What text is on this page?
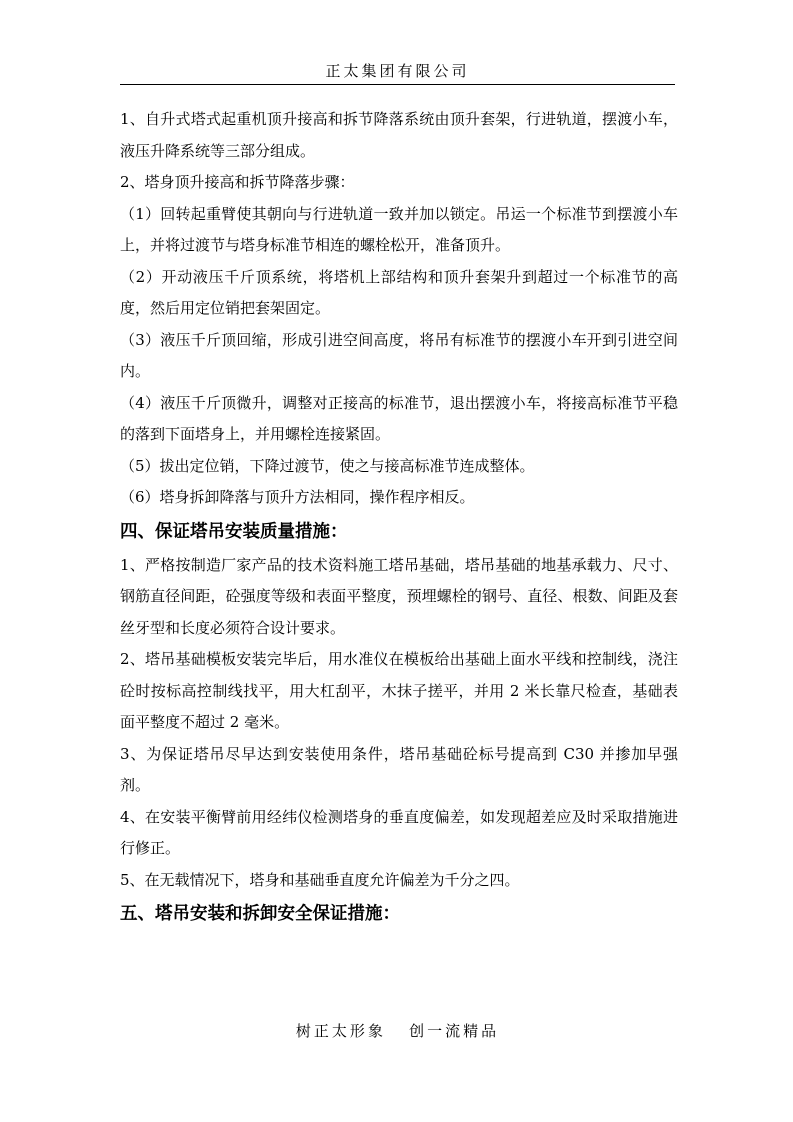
正太集团有限公司

1、自升式塔式起重机顶升接高和拆节降落系统由顶升套架，行进轨道，摆渡小车，液压升降系统等三部分组成。

2、塔身顶升接高和拆节降落步骤：

（1）回转起重臂使其朝向与行进轨道一致并加以锁定。吊运一个标准节到摆渡小车上，并将过渡节与塔身标准节相连的螺栓松开，准备顶升。

（2）开动液压千斤顶系统，将塔机上部结构和顶升套架升到超过一个标准节的高度，然后用定位销把套架固定。

（3）液压千斤顶回缩，形成引进空间高度，将吊有标准节的摆渡小车开到引进空间内。

（4）液压千斤顶微升，调整对正接高的标准节，退出摆渡小车，将接高标准节平稳的落到下面塔身上，并用螺栓连接紧固。

（5）拔出定位销，下降过渡节，使之与接高标准节连成整体。

（6）塔身拆卸降落与顶升方法相同，操作程序相反。

四、保证塔吊安装质量措施：

1、严格按制造厂家产品的技术资料施工塔吊基础，塔吊基础的地基承载力、尺寸、钢筋直径间距，砼强度等级和表面平整度，预埋螺栓的钢号、直径、根数、间距及套丝牙型和长度必须符合设计要求。

2、塔吊基础模板安装完毕后，用水准仪在模板给出基础上面水平线和控制线，浇注砼时按标高控制线找平，用大杠刮平，木抹子搓平，并用 2 米长靠尺检查，基础表面平整度不超过 2 毫米。

3、为保证塔吊尽早达到安装使用条件，塔吊基础砼标号提高到 C30 并掺加早强剂。

4、在安装平衡臂前用经纬仪检测塔身的垂直度偏差，如发现超差应及时采取措施进行修正。

5、在无载情况下，塔身和基础垂直度允许偏差为千分之四。

五、塔吊安装和拆卸安全保证措施：

树正太形象   创一流精品
